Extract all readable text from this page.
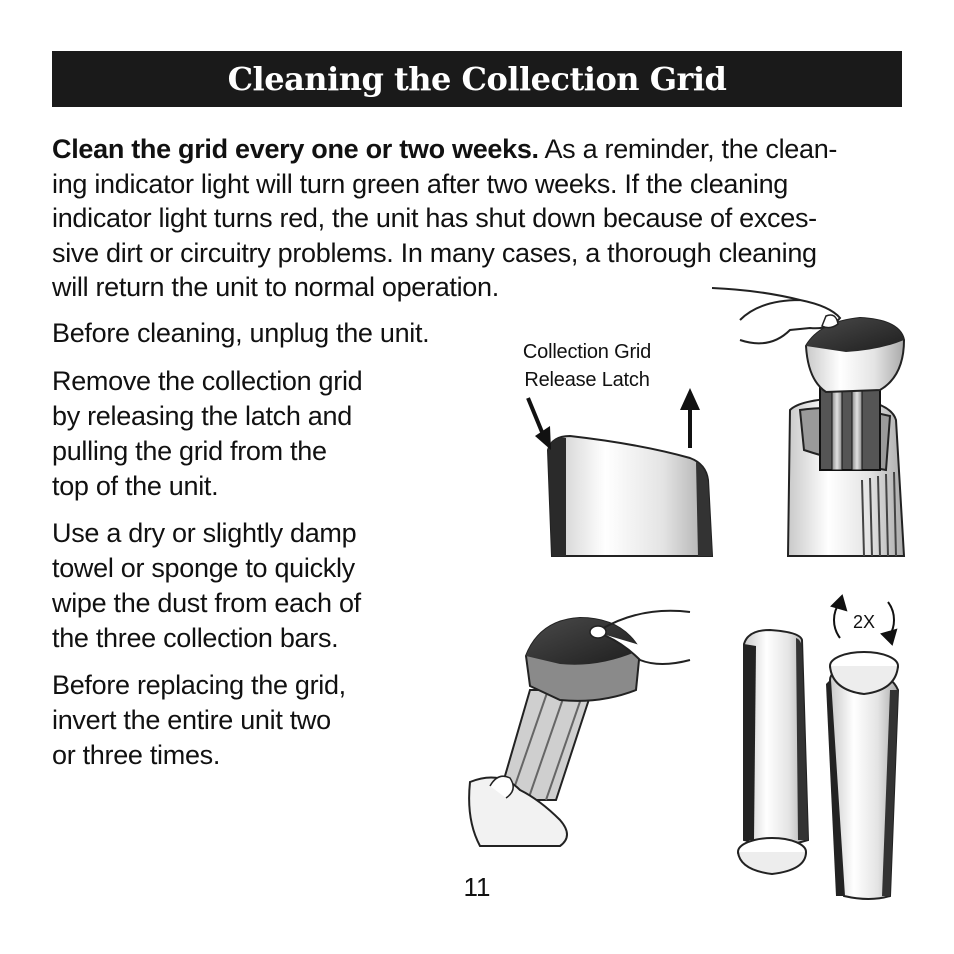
Cleaning the Collection Grid

Clean the grid every one or two weeks. As a reminder, the clean-
ing indicator light will turn green after two weeks. If the cleaning
indicator light turns red, the unit has shut down because of exces-
sive dirt or circuitry problems. In many cases, a thorough cleaning
will return the unit to normal operation.

Before cleaning, unplug the unit.

Remove the collection grid
by releasing the latch and
pulling the grid from the
top of the unit.

Use a dry or slightly damp
towel or sponge to quickly
wipe the dust from each of
the three collection bars.

Before replacing the grid,
invert the entire unit two
or three times.

Collection Grid
Release Latch
2X
11
